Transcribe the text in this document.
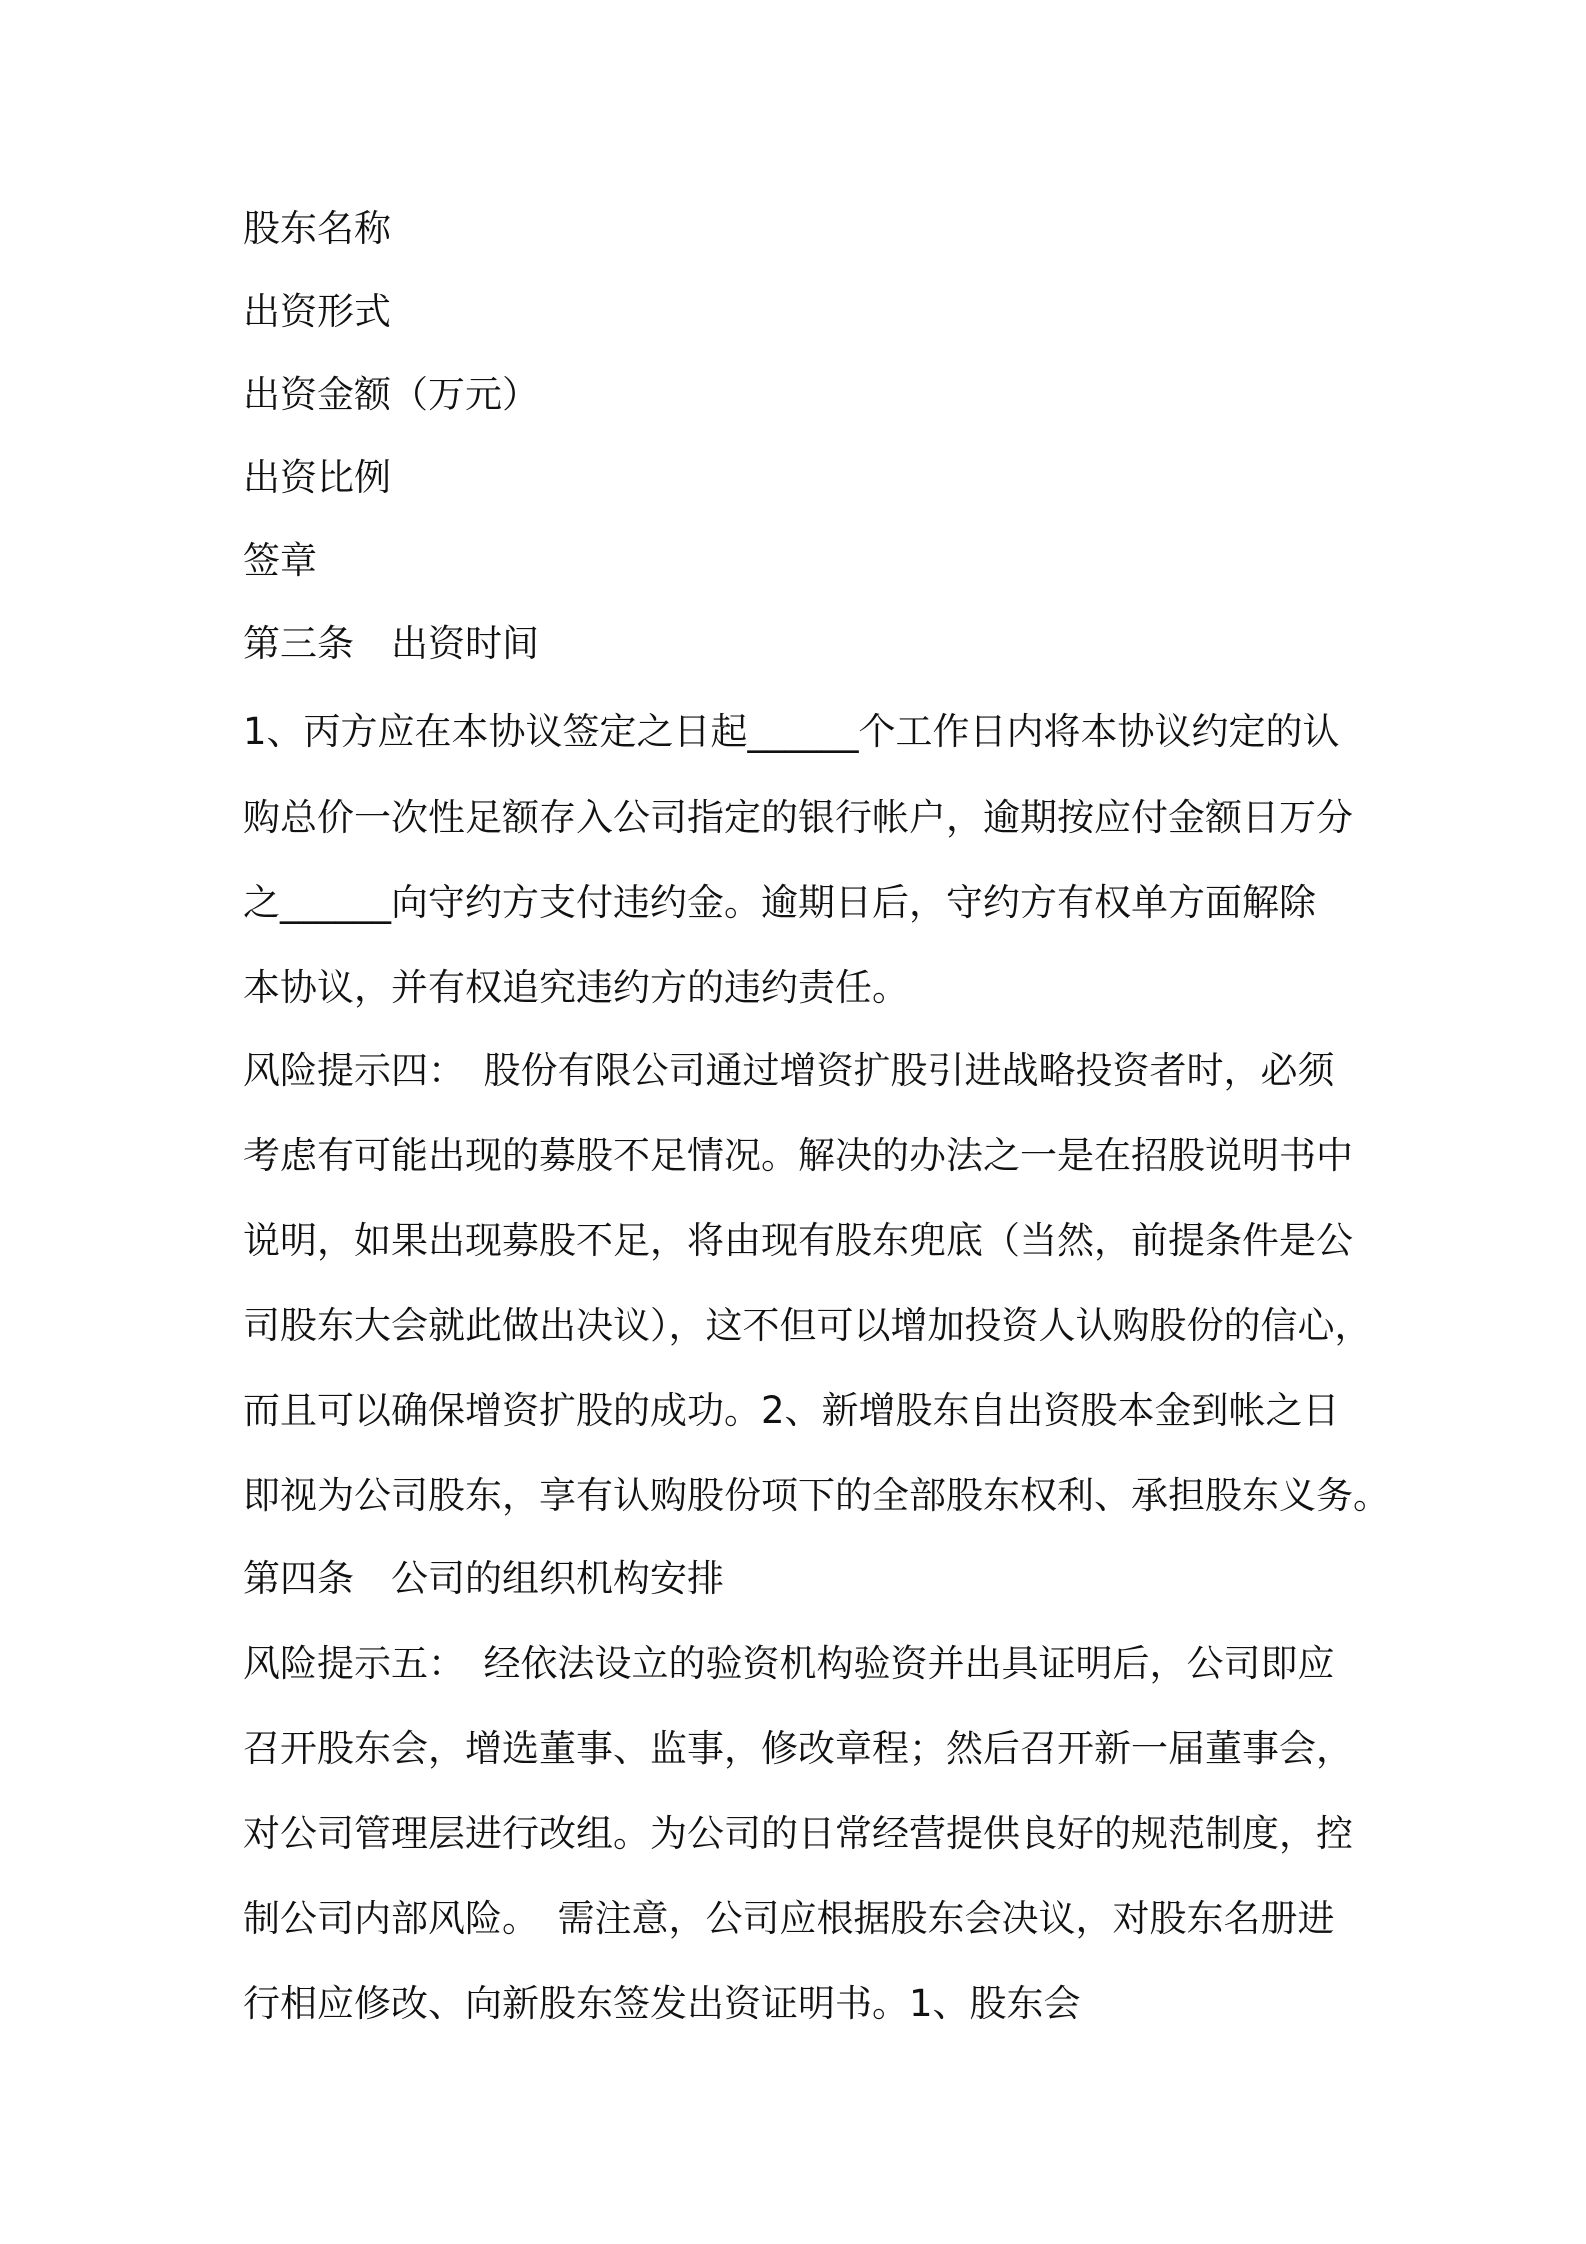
股东名称
出资形式
出资金额（万元）
出资比例
签章
第三条　出资时间
1、丙方应在本协议签定之日起______个工作日内将本协议约定的认
购总价一次性足额存入公司指定的银行帐户，逾期按应付金额日万分
之______向守约方支付违约金。逾期日后，守约方有权单方面解除
本协议，并有权追究违约方的违约责任。
风险提示四：　股份有限公司通过增资扩股引进战略投资者时，必须
考虑有可能出现的募股不足情况。解决的办法之一是在招股说明书中
说明，如果出现募股不足，将由现有股东兜底（当然，前提条件是公
司股东大会就此做出决议），这不但可以增加投资人认购股份的信心，
而且可以确保增资扩股的成功。2、新增股东自出资股本金到帐之日
即视为公司股东，享有认购股份项下的全部股东权利、承担股东义务。
第四条　公司的组织机构安排
风险提示五：　经依法设立的验资机构验资并出具证明后，公司即应
召开股东会，增选董事、监事，修改章程；然后召开新一届董事会，
对公司管理层进行改组。为公司的日常经营提供良好的规范制度，控
制公司内部风险。　需注意，公司应根据股东会决议，对股东名册进
行相应修改、向新股东签发出资证明书。1、股东会
